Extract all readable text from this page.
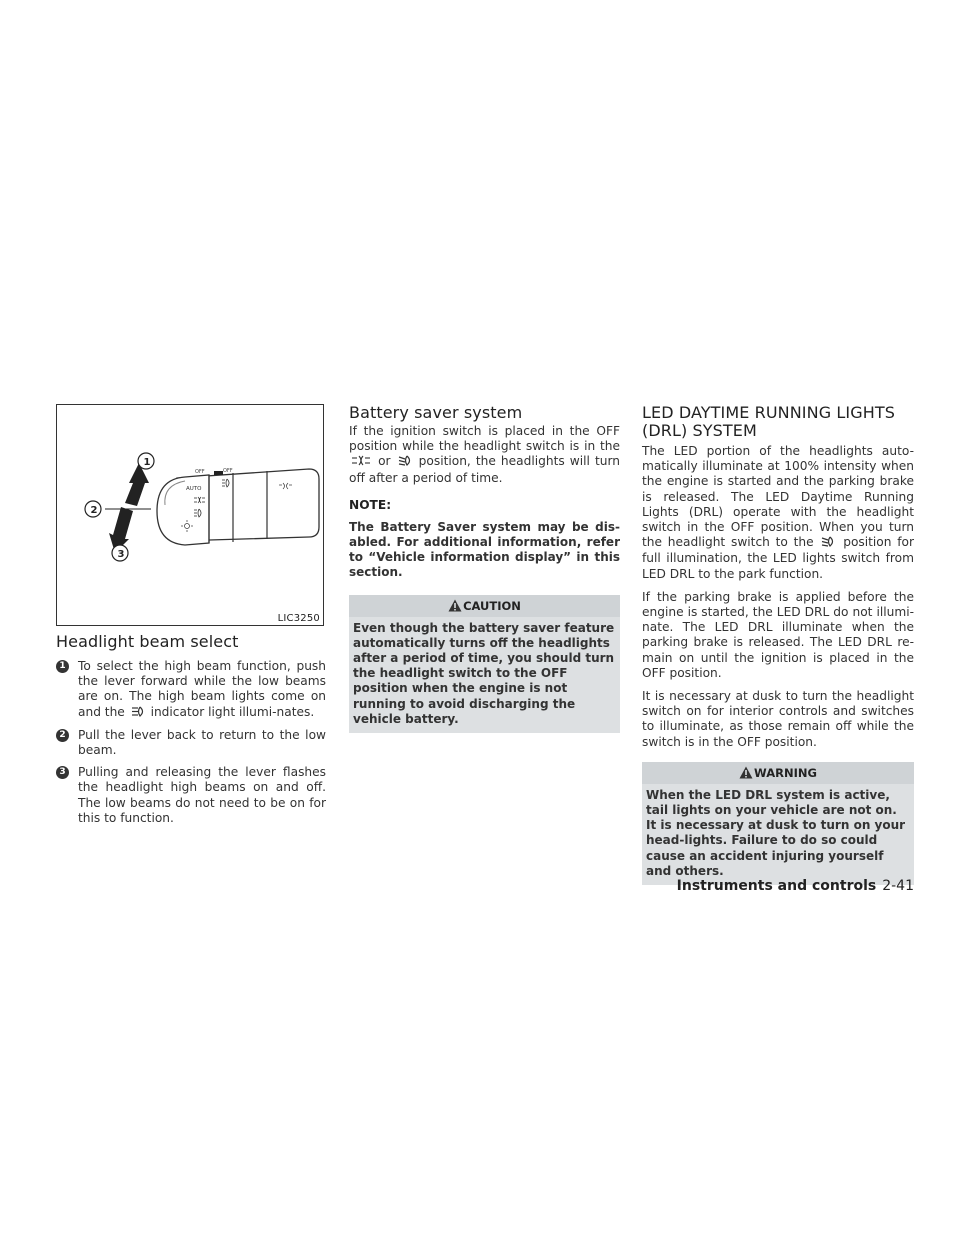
OFF	OFF
AUTO
1
2
3
LIC3250
Headlight beam select
1 To select the high beam function, push the lever forward while the low beams are on. The high beam lights come on and the indicator light illumi-nates.

2 Pull the lever back to return to the low beam.

3 Pulling and releasing the lever flashes the headlight high beams on and off. The low beams do not need to be on for this to function.

Battery saver system

If the ignition switch is placed in the OFF position while the headlight switch is in the  or position, the headlights will turn off after a period of time.

NOTE:

The Battery Saver system may be dis-abled. For additional information, refer to “Vehicle information display” in this section.

CAUTION
Even though the battery saver feature automatically turns off the headlights after a period of time, you should turn the headlight switch to the OFF position when the engine is not running to avoid discharging the vehicle battery.
LED DAYTIME RUNNING LIGHTS (DRL) SYSTEM

The LED portion of the headlights auto-matically illuminate at 100% intensity when the engine is started and the parking brake is released. The LED Daytime Running Lights (DRL) operate with the headlight switch in the OFF position. When you turn the headlight switch to the position for full illumination, the LED lights switch from LED DRL to the park function.

If the parking brake is applied before the engine is started, the LED DRL do not illumi-nate. The LED DRL illuminate when the parking brake is released. The LED DRL re-main on until the ignition is placed in the OFF position.

It is necessary at dusk to turn the headlight switch on for interior controls and switches to illuminate, as those remain off while the switch is in the OFF position.

WARNING
When the LED DRL system is active, tail lights on your vehicle are not on. It is necessary at dusk to turn on your head-lights. Failure to do so could cause an accident injuring yourself and others.
Instruments and controls 2-41
